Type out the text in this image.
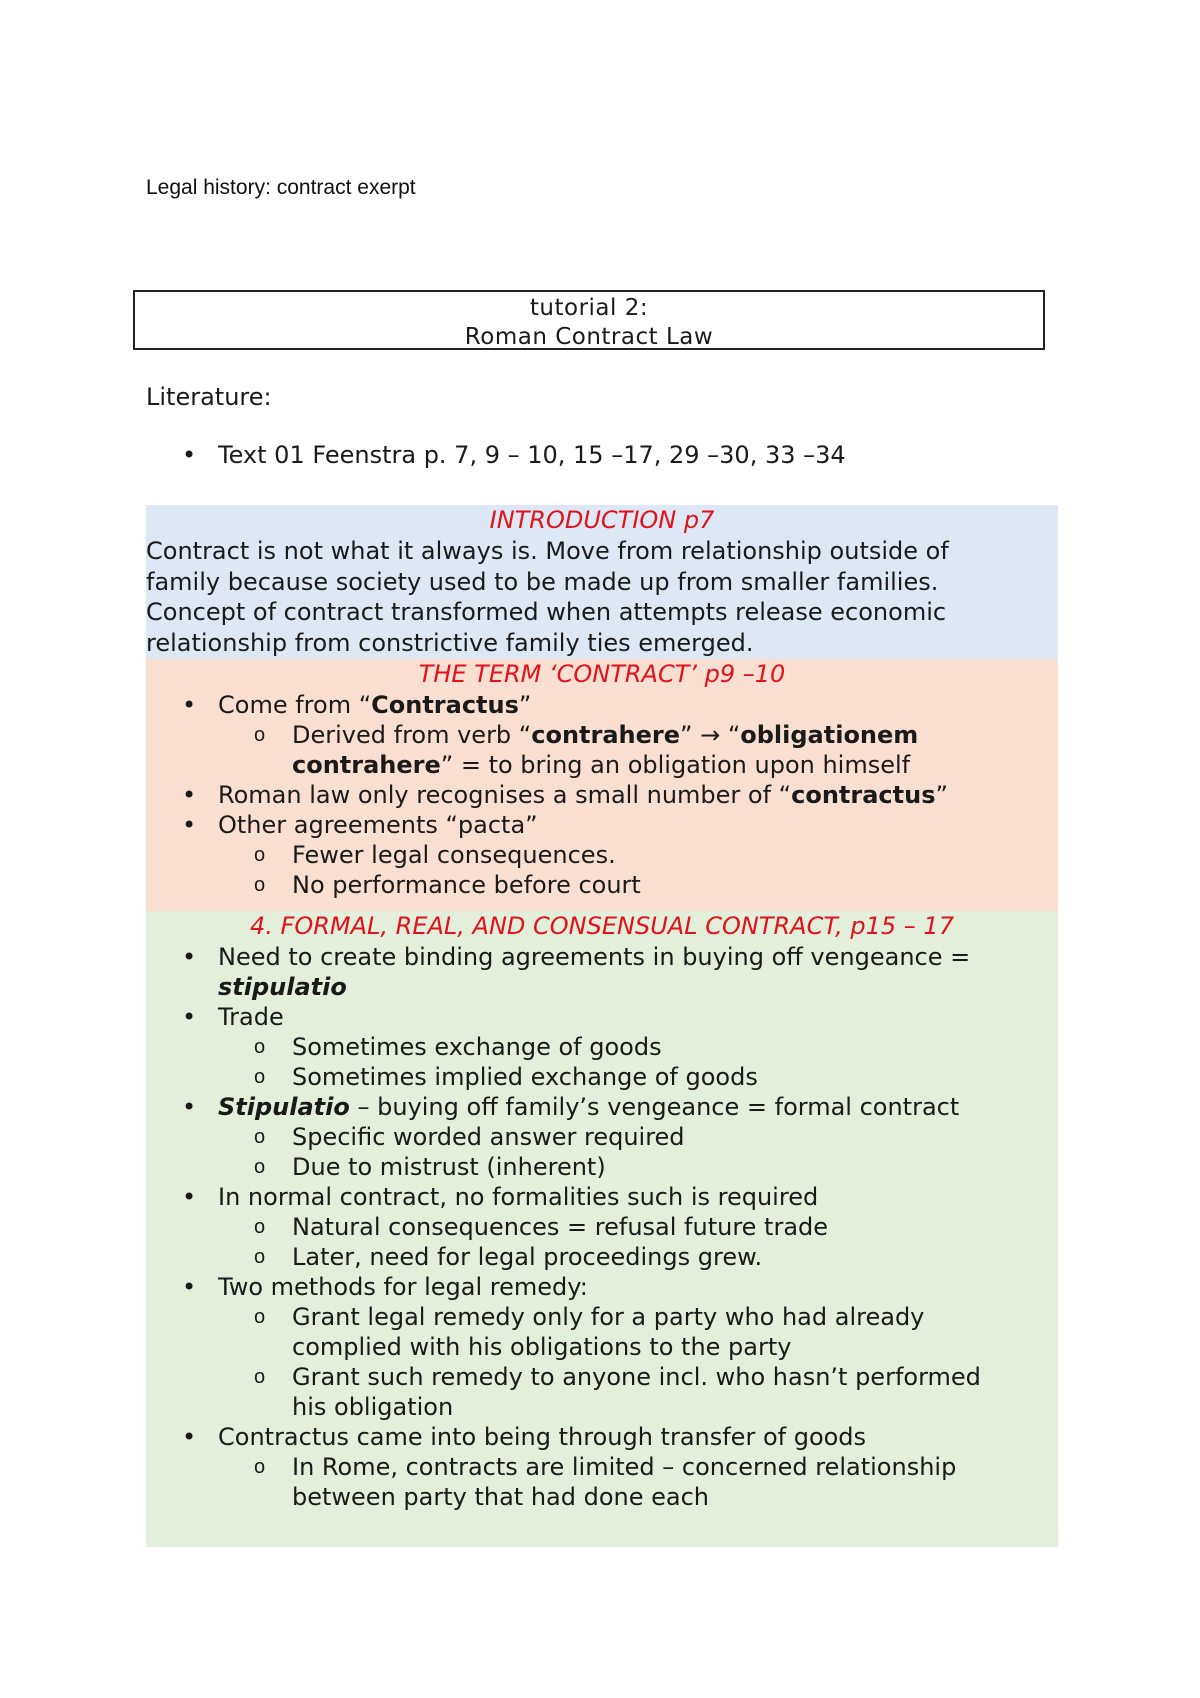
Legal history: contract exerpt
tutorial 2:
Roman Contract Law
Literature:
• Text 01 Feenstra p. 7, 9 – 10, 15 –17, 29 –30, 33 –34
INTRODUCTION p7
Contract is not what it always is. Move from relationship outside of
family because society used to be made up from smaller families.
Concept of contract transformed when attempts release economic
relationship from constrictive family ties emerged.
THE TERM ‘CONTRACT’ p9 –10
• Come from “Contractus”
o Derived from verb “contrahere” → “obligationem
contrahere” = to bring an obligation upon himself
• Roman law only recognises a small number of “contractus”
• Other agreements “pacta”
o Fewer legal consequences.
o No performance before court
4. FORMAL, REAL, AND CONSENSUAL CONTRACT, p15 – 17
• Need to create binding agreements in buying off vengeance =
stipulatio
• Trade
o Sometimes exchange of goods
o Sometimes implied exchange of goods
• Stipulatio – buying off family’s vengeance = formal contract
o Specific worded answer required
o Due to mistrust (inherent)
• In normal contract, no formalities such is required
o Natural consequences = refusal future trade
o Later, need for legal proceedings grew.
• Two methods for legal remedy:
o Grant legal remedy only for a party who had already
complied with his obligations to the party
o Grant such remedy to anyone incl. who hasn’t performed
his obligation
• Contractus came into being through transfer of goods
o In Rome, contracts are limited – concerned relationship
between party that had done each
